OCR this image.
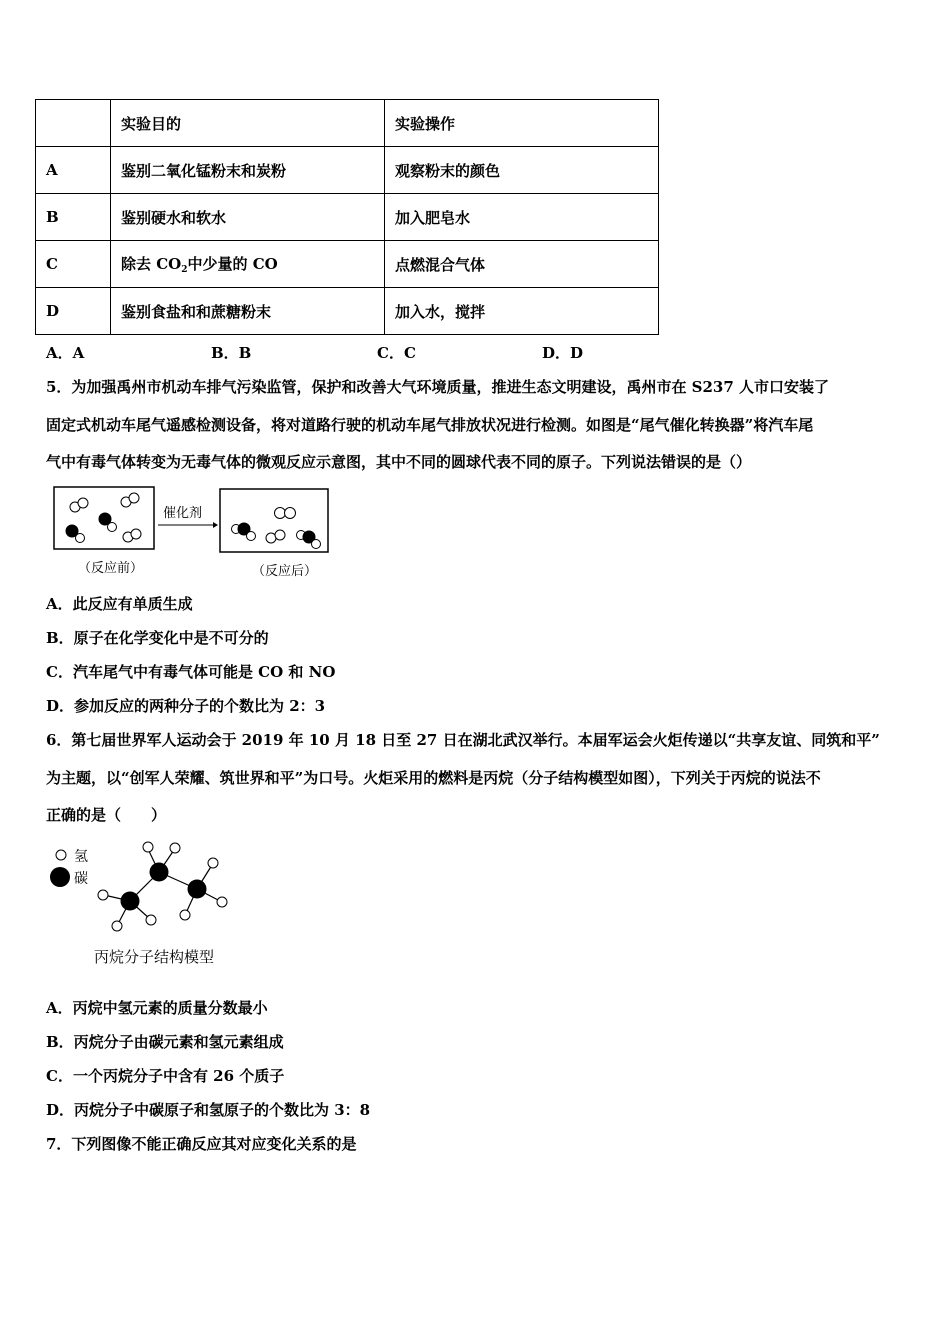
	实验目的	实验操作
A	鉴别二氧化锰粉末和炭粉	观察粉末的颜色
B	鉴别硬水和软水	加入肥皂水
C	除去 $CO_2$中少量的 CO	点燃混合气体
D	鉴别食盐和和蔗糖粉末	加入水，搅拌
A．A	B．B	C．C	D．D
5．为加强禹州市机动车排气污染监管，保护和改善大气环境质量，推进生态文明建设，禹州市在 S237 人市口安装了
固定式机动车尾气遥感检测设备，将对道路行驶的机动车尾气排放状况进行检测。如图是“尾气催化转换器”将汽车尾
气中有毒气体转变为无毒气体的微观反应示意图，其中不同的圆球代表不同的原子。下列说法错误的是（）
催化剂
（反应前）	（反应后）
A．此反应有单质生成
B．原子在化学变化中是不可分的
C．汽车尾气中有毒气体可能是 CO 和 NO
D．参加反应的两种分子的个数比为 2：3
6．第七届世界军人运动会于 2019 年 10 月 18 日至 27 日在湖北武汉举行。本届军运会火炬传递以“共享友谊、同筑和平”
为主题，以“创军人荣耀、筑世界和平”为口号。火炬采用的燃料是丙烷（分子结构模型如图），下列关于丙烷的说法不
正确的是（　　）
氢
碳
丙烷分子结构模型
A．丙烷中氢元素的质量分数最小
B．丙烷分子由碳元素和氢元素组成
C．一个丙烷分子中含有 26 个质子
D．丙烷分子中碳原子和氢原子的个数比为 3：8
7．下列图像不能正确反应其对应变化关系的是
